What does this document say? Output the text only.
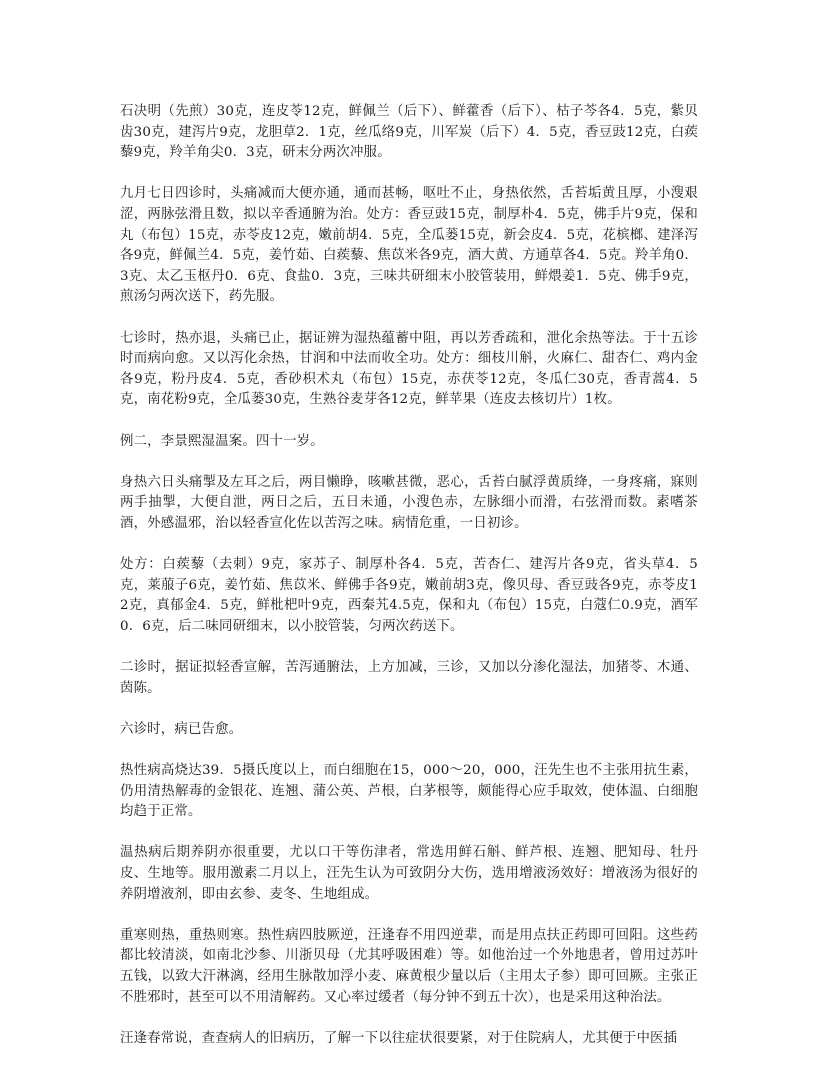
石决明（先煎）30克，连皮苓12克，鲜佩兰（后下）、鲜藿香（后下）、枯子芩各4．5克，紫贝齿30克，建泻片9克，龙胆草2．1克，丝瓜络9克，川军炭（后下）4．5克，香豆豉12克，白蒺藜9克，羚羊角尖0．3克，研末分两次冲服。

九月七日四诊时，头痛减而大便亦通，通而甚畅，呕吐不止，身热依然，舌苔垢黄且厚，小溲艰涩，两脉弦滑且数，拟以辛香通腑为治。处方：香豆豉15克，制厚朴4．5克，佛手片9克，保和丸（布包）15克，赤苓皮12克，嫩前胡4．5克，全瓜蒌15克，新会皮4．5克，花槟榔、建泽泻各9克，鲜佩兰4．5克，姜竹茹、白蒺藜、焦苡米各9克，酒大黄、方通草各4．5克。羚羊角0．3克、太乙玉枢丹0．6克、食盐0．3克，三味共研细末小胶管装用，鲜煨姜1．5克、佛手9克，煎汤匀两次送下，药先服。

七诊时，热亦退，头痛已止，据证辨为湿热蕴蓄中阻，再以芳香疏和，泄化余热等法。于十五诊时而病向愈。又以泻化余热，甘润和中法而收全功。处方：细枝川斛，火麻仁、甜杏仁、鸡内金各9克，粉丹皮4．5克，香砂枳术丸（布包）15克，赤茯苓12克，冬瓜仁30克，香青蒿4．5克，南花粉9克，全瓜蒌30克，生熟谷麦芽各12克，鲜苹果（连皮去核切片）1枚。

例二，李景熙湿温案。四十一岁。

身热六日头痛掣及左耳之后，两目懒睁，咳嗽甚微，恶心，舌苔白腻浮黄质绛，一身疼痛，寐则两手抽掣，大便自泄，两日之后，五日未通，小溲色赤，左脉细小而滑，右弦滑而数。素嗜茶酒，外感温邪，治以轻香宣化佐以苦泻之味。病情危重，一日初诊。

处方：白蒺藜（去刺）9克，家苏子、制厚朴各4．5克，苦杏仁、建泻片各9克，省头草4．5克，莱菔子6克，姜竹茹、焦苡米、鲜佛手各9克，嫩前胡3克，像贝母、香豆豉各9克，赤苓皮12克，真郁金4．5克，鲜枇杷叶9克，西秦艽4.5克，保和丸（布包）15克，白蔻仁0.9克，酒军0．6克，后二味同研细末，以小胶管装，匀两次药送下。

二诊时，据证拟轻香宣解，苦泻通腑法，上方加减，三诊，又加以分渗化湿法，加猪苓、木通、茵陈。

六诊时，病已告愈。

热性病高烧达39．5摄氏度以上，而白细胞在15，000～20，000，汪先生也不主张用抗生素，仍用清热解毒的金银花、连翘、蒲公英、芦根，白茅根等，颇能得心应手取效，使体温、白细胞均趋于正常。

温热病后期养阴亦很重要，尤以口干等伤津者，常选用鲜石斛、鲜芦根、连翘、肥知母、牡丹皮、生地等。服用激素二月以上，汪先生认为可致阴分大伤，选用增液汤效好：增液汤为很好的养阴增液剂，即由玄参、麦冬、生地组成。

重寒则热，重热则寒。热性病四肢厥逆，汪逢春不用四逆辈，而是用点扶正药即可回阳。这些药都比较清淡，如南北沙参、川浙贝母（尤其呼吸困难）等。如他治过一个外地患者，曾用过苏叶五钱，以致大汗淋漓，经用生脉散加浮小麦、麻黄根少量以后（主用太子参）即可回厥。主张正不胜邪时，甚至可以不用清解药。又心率过缓者（每分钟不到五十次），也是采用这种治法。

汪逢春常说，查查病人的旧病历，了解一下以往症状很要紧，对于住院病人，尤其便于中医插
